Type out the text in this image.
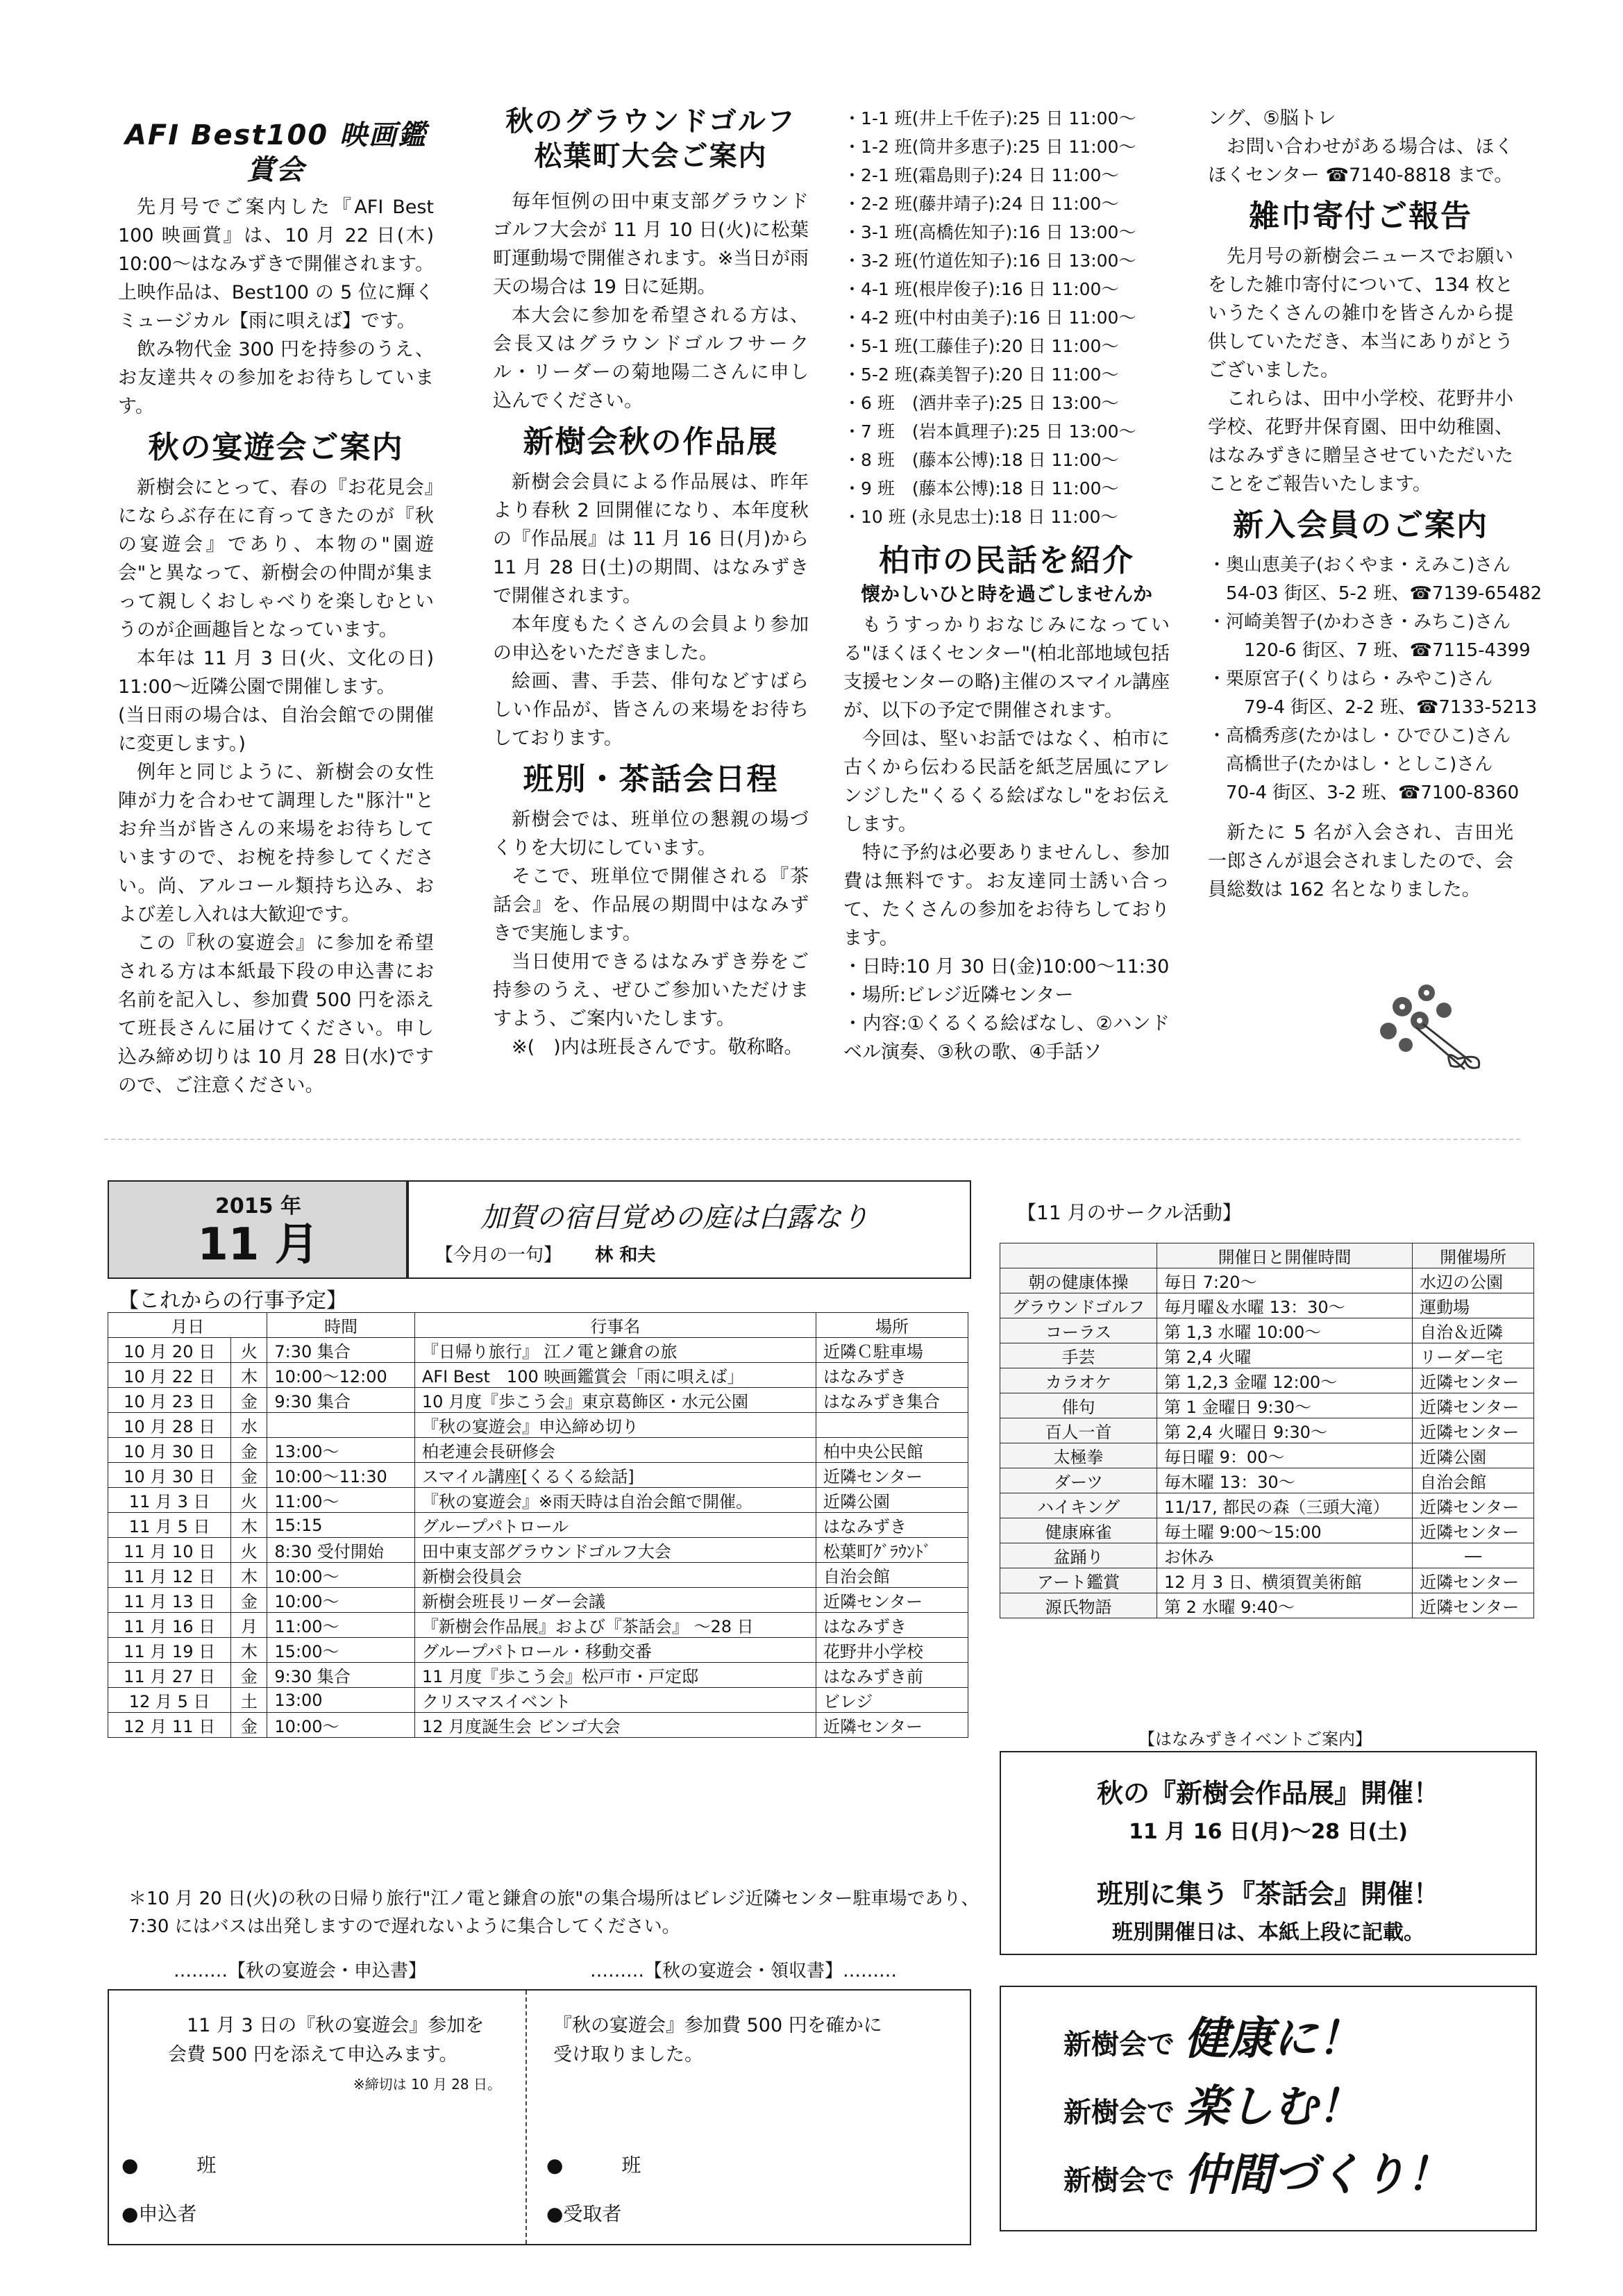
AFI Best100 映画鑑賞会

先月号でご案内した『AFI Best 100 映画賞』は、10 月 22 日(木) 10:00～はなみずきで開催されます。上映作品は、Best100 の 5 位に輝くミュージカル【雨に唄えば】です。

飲み物代金 300 円を持参のうえ、お友達共々の参加をお待ちしています。

秋の宴遊会ご案内

新樹会にとって、春の『お花見会』にならぶ存在に育ってきたのが『秋の宴遊会』であり、本物の"園遊会"と異なって、新樹会の仲間が集まって親しくおしゃべりを楽しむというのが企画趣旨となっています。

本年は 11 月 3 日(火、文化の日) 11:00～近隣公園で開催します。

(当日雨の場合は、自治会館での開催に変更します。)

例年と同じように、新樹会の女性陣が力を合わせて調理した"豚汁"とお弁当が皆さんの来場をお待ちしていますので、お椀を持参してください。尚、アルコール類持ち込み、および差し入れは大歓迎です。

この『秋の宴遊会』に参加を希望される方は本紙最下段の申込書にお名前を記入し、参加費 500 円を添えて班長さんに届けてください。申し込み締め切りは 10 月 28 日(水)ですので、ご注意ください。

秋のグラウンドゴルフ
松葉町大会ご案内

毎年恒例の田中東支部グラウンドゴルフ大会が 11 月 10 日(火)に松葉町運動場で開催されます。※当日が雨天の場合は 19 日に延期。

本大会に参加を希望される方は、会長又はグラウンドゴルフサークル・リーダーの菊地陽二さんに申し込んでください。

新樹会秋の作品展

新樹会会員による作品展は、昨年より春秋 2 回開催になり、本年度秋の『作品展』は 11 月 16 日(月)から 11 月 28 日(土)の期間、はなみずきで開催されます。

本年度もたくさんの会員より参加の申込をいただきました。

絵画、書、手芸、俳句などすばらしい作品が、皆さんの来場をお待ちしております。

班別・茶話会日程

新樹会では、班単位の懇親の場づくりを大切にしています。

そこで、班単位で開催される『茶話会』を、作品展の期間中はなみずきで実施します。

当日使用できるはなみずき券をご持参のうえ、ぜひご参加いただけますよう、ご案内いたします。

※(　)内は班長さんです。敬称略。

・1-1 班(井上千佐子):25 日 11:00～
・1-2 班(筒井多恵子):25 日 11:00～
・2-1 班(霜島則子):24 日 11:00～
・2-2 班(藤井靖子):24 日 11:00～
・3-1 班(高橋佐知子):16 日 13:00～
・3-2 班(竹道佐知子):16 日 13:00～
・4-1 班(根岸俊子):16 日 11:00～
・4-2 班(中村由美子):16 日 11:00～
・5-1 班(工藤佳子):20 日 11:00～
・5-2 班(森美智子):20 日 11:00～
・6 班　(酒井幸子):25 日 13:00～
・7 班　(岩本眞理子):25 日 13:00～
・8 班　(藤本公博):18 日 11:00～
・9 班　(藤本公博):18 日 11:00～
・10 班 (永見忠士):18 日 11:00～
柏市の民話を紹介
懐かしいひと時を過ごしませんか

もうすっかりおなじみになっている"ほくほくセンター"(柏北部地域包括支援センターの略)主催のスマイル講座が、以下の予定で開催されます。

今回は、堅いお話ではなく、柏市に古くから伝わる民話を紙芝居風にアレンジした"くるくる絵ばなし"をお伝えします。

特に予約は必要ありませんし、参加費は無料です。お友達同士誘い合って、たくさんの参加をお待ちしております。

・日時:10 月 30 日(金)10:00～11:30

・場所:ビレジ近隣センター

・内容:①くるくる絵ばなし、②ハンドベル演奏、③秋の歌、④手話ソ

ング、⑤脳トレ

お問い合わせがある場合は、ほくほくセンター ☎7140-8818 まで。

雑巾寄付ご報告

先月号の新樹会ニュースでお願いをした雑巾寄付について、134 枚というたくさんの雑巾を皆さんから提供していただき、本当にありがとうございました。

これらは、田中小学校、花野井小学校、花野井保育園、田中幼稚園、はなみずきに贈呈させていただいたことをご報告いたします。

新入会員のご案内
・奥山恵美子(おくやま・えみこ)さん
54-03 街区、5-2 班、☎7139-65482
・河崎美智子(かわさき・みちこ)さん
120-6 街区、7 班、☎7115-4399
・栗原宮子(くりはら・みやこ)さん
79-4 街区、2-2 班、☎7133-5213
・高橋秀彦(たかはし・ひでひこ)さん
高橋世子(たかはし・としこ)さん
70-4 街区、3-2 班、☎7100-8360

新たに 5 名が入会され、吉田光一郎さんが退会されましたので、会員総数は 162 名となりました。

2015 年
11 月
加賀の宿目覚めの庭は白露なり
【今月の一句】 林 和夫
【これからの行事予定】
月日		時間	行事名	場所
10 月 20 日	火	7:30 集合	『日帰り旅行』 江ノ電と鎌倉の旅	近隣Ｃ駐車場
10 月 22 日	木	10:00～12:00	AFI Best　100 映画鑑賞会「雨に唄えば」	はなみずき
10 月 23 日	金	9:30 集合	10 月度『歩こう会』東京葛飾区・水元公園	はなみずき集合
10 月 28 日	水		『秋の宴遊会』申込締め切り	
10 月 30 日	金	13:00～	柏老連会長研修会	柏中央公民館
10 月 30 日	金	10:00～11:30	スマイル講座[くるくる絵話]	近隣センター
11 月 3 日	火	11:00～	『秋の宴遊会』※雨天時は自治会館で開催。	近隣公園
11 月 5 日	木	15:15	グループパトロール	はなみずき
11 月 10 日	火	8:30 受付開始	田中東支部グラウンドゴルフ大会	松葉町ｸﾞﾗｳﾝﾄﾞ
11 月 12 日	木	10:00～	新樹会役員会	自治会館
11 月 13 日	金	10:00～	新樹会班長リーダー会議	近隣センター
11 月 16 日	月	11:00～	『新樹会作品展』および『茶話会』 ～28 日	はなみずき
11 月 19 日	木	15:00～	グループパトロール・移動交番	花野井小学校
11 月 27 日	金	9:30 集合	11 月度『歩こう会』松戸市・戸定邸	はなみずき前
12 月 5 日	土	13:00	クリスマスイベント	ビレジ
12 月 11 日	金	10:00～	12 月度誕生会 ビンゴ大会	近隣センター
＊10 月 20 日(火)の秋の日帰り旅行"江ノ電と鎌倉の旅"の集合場所はビレジ近隣センター駐車場であり、7:30 にはバスは出発しますので遅れないように集合してください。
【11 月のサークル活動】
	開催日と開催時間	開催場所
朝の健康体操	毎日 7:20～	水辺の公園
グラウンドゴルフ	毎月曜＆水曜 13：30～	運動場
コーラス	第 1,3 水曜 10:00～	自治＆近隣
手芸	第 2,4 火曜	リーダー宅
カラオケ	第 1,2,3 金曜 12:00～	近隣センター
俳句	第 1 金曜日 9:30～	近隣センター
百人一首	第 2,4 火曜日 9:30～	近隣センター
太極拳	毎日曜 9：00～	近隣公園
ダーツ	毎木曜 13：30～	自治会館
ハイキング	11/17, 都民の森（三頭大滝）	近隣センター
健康麻雀	毎土曜 9:00～15:00	近隣センター
盆踊り	お休み	―
アート鑑賞	12 月 3 日、横須賀美術館	近隣センター
源氏物語	第 2 水曜 9:40～	近隣センター
【はなみずきイベントご案内】
秋の『新樹会作品展』開催！
11 月 16 日(月)～28 日(土)
班別に集う『茶話会』開催！
班別開催日は、本紙上段に記載。
新樹会で 健康に！
新樹会で 楽しむ！
新樹会で 仲間づくり！
………【秋の宴遊会・申込書】	………【秋の宴遊会・領収書】………
11 月 3 日の『秋の宴遊会』参加を会費 500 円を添えて申込みます。
※締切は 10 月 28 日。
●　　　班
●申込者
『秋の宴遊会』参加費 500 円を確かに受け取りました。
●　　　班
●受取者
